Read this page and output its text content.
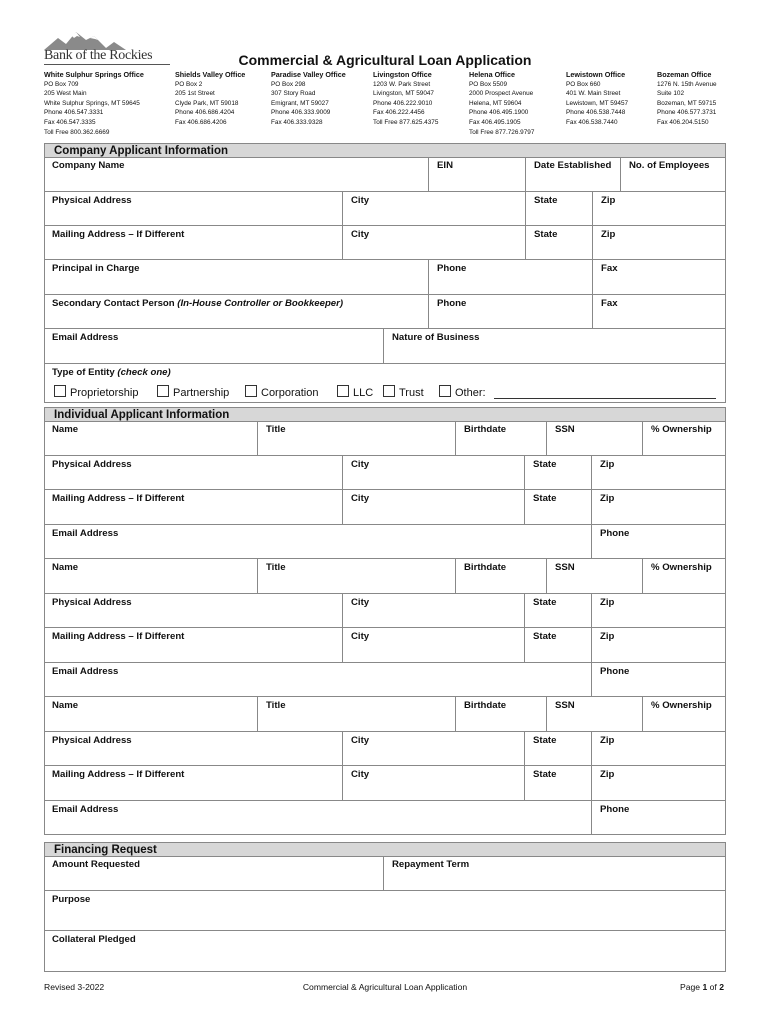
Bank of the Rockies	Commercial & Agricultural Loan Application
White Sulphur Springs Office
PO Box 709
205 West Main
White Sulphur Springs, MT 59645
Phone 406.547.3331
Fax 406.547.3335
Toll Free 800.362.6669
Shields Valley Office
PO Box 2
205 1st Street
Clyde Park, MT 59018
Phone 406.686.4204
Fax 406.686.4206
Paradise Valley Office
PO Box 298
307 Story Road
Emigrant, MT 59027
Phone 406.333.9009
Fax 406.333.9328
Livingston Office
1203 W. Park Street
Livingston, MT 59047
Phone 406.222.9010
Fax 406.222.4456
Toll Free 877.625.4375
Helena Office
PO Box 5509
2000 Prospect Avenue
Helena, MT 59604
Phone 406.495.1900
Fax 406.495.1905
Toll Free 877.726.9797
Lewistown Office
PO Box 660
401 W. Main Street
Lewistown, MT 59457
Phone 406.538.7448
Fax 406.538.7440
Bozeman Office
1276 N. 15th Avenue
Suite 102
Bozeman, MT 59715
Phone 406.577.3731
Fax 406.204.5150
Company Applicant Information
Company Name	EIN	Date Established	No. of Employees
Physical Address	City	State	Zip
Mailing Address – If Different	City	State	Zip
Principal in Charge	Phone	Fax
Secondary Contact Person (In-House Controller or Bookkeeper)	Phone	Fax
Email Address	Nature of Business
Type of Entity (check one)
Proprietorship	Partnership	Corporation	LLC	Trust	Other:
Individual Applicant Information
Name	Title	Birthdate	SSN	% Ownership
Physical Address	City	State	Zip
Mailing Address – If Different	City	State	Zip
Email Address	Phone
Name	Title	Birthdate	SSN	% Ownership
Physical Address	City	State	Zip
Mailing Address – If Different	City	State	Zip
Email Address	Phone
Name	Title	Birthdate	SSN	% Ownership
Physical Address	City	State	Zip
Mailing Address – If Different	City	State	Zip
Email Address	Phone
Financing Request
Amount Requested	Repayment Term
Purpose
Collateral Pledged
Revised 3-2022	Commercial & Agricultural Loan Application	Page 1 of 2
